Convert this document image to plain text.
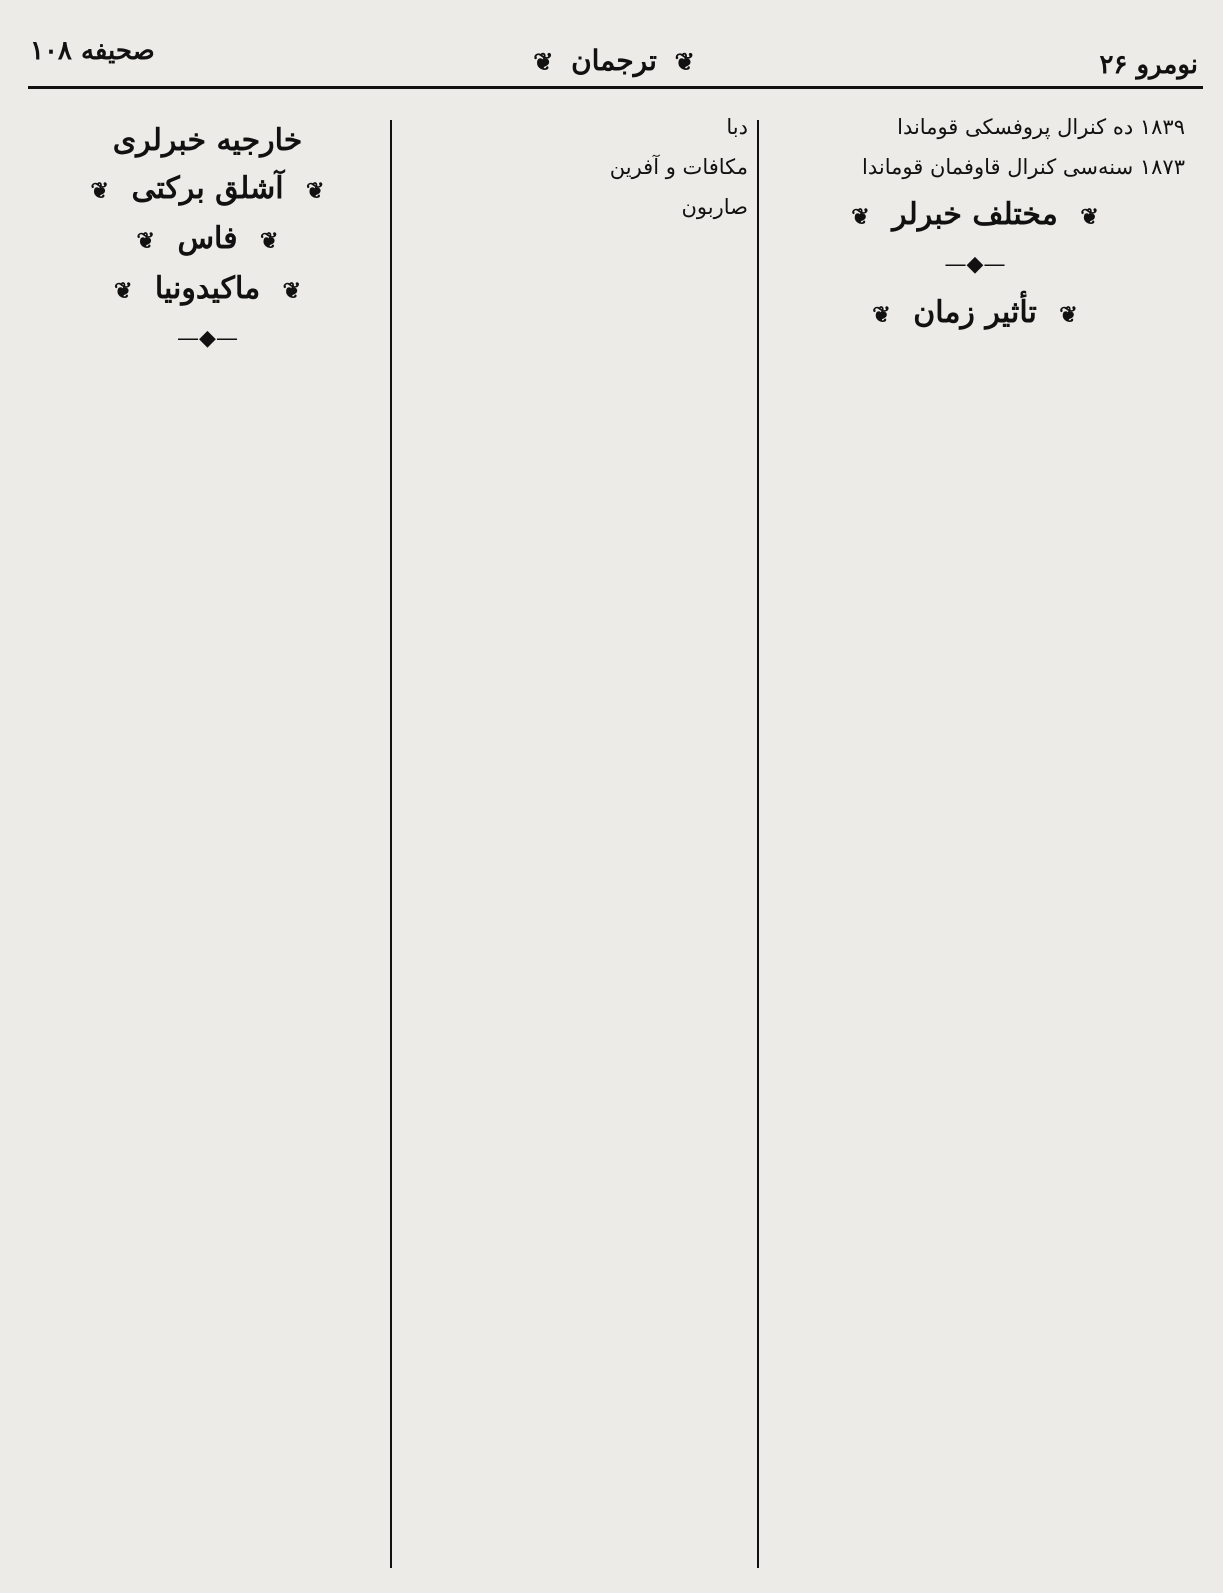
نومرو ۲۶
❦ ترجمان ❦
صحیفه ۱۰۸

۱۸۳۹ ده کنرال پروفسکی قوماندا

۱۸۷۳ سنه‌سی کنرال قاوفمان قوماندا

❦ مختلف خبرلر ❦
—◆—
❦ تأثیر زمان ❦

دبا

مکافات و آفرین

صاربون

خارجیه خبرلری
❦ آشلق برکتی ❦
❦ فاس ❦
❦ ماکیدونیا ❦
—◆—
